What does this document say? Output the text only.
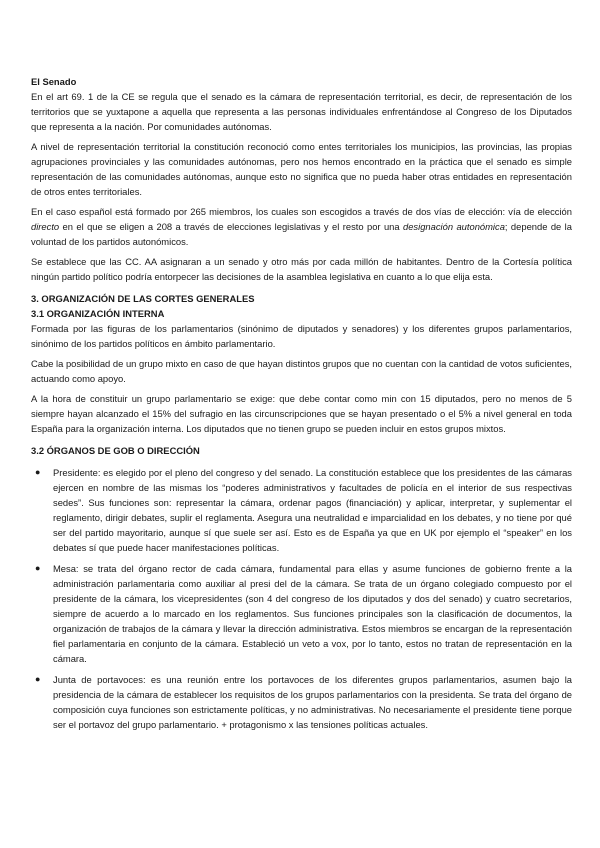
El Senado

En el art 69. 1 de la CE se regula que el senado es la cámara de representación territorial, es decir, de representación de los territorios que se yuxtapone a aquella que representa a las personas individuales enfrentándose al Congreso de los Diputados que representa a la nación. Por comunidades autónomas.

A nivel de representación territorial la constitución reconoció como entes territoriales los municipios, las provincias, las propias agrupaciones provinciales y las comunidades autónomas, pero nos hemos encontrado en la práctica que el senado es simple representación de las comunidades autónomas, aunque esto no significa que no pueda haber otras entidades en representación de otros entes territoriales.

En el caso español está formado por 265 miembros, los cuales son escogidos a través de dos vías de elección: vía de elección directo en el que se eligen a 208 a través de elecciones legislativas y el resto por una designación autonómica; depende de la voluntad de los partidos autonómicos.

Se establece que las CC. AA asignaran a un senado y otro más por cada millón de habitantes. Dentro de la Cortesía política ningún partido político podría entorpecer las decisiones de la asamblea legislativa en cuanto a lo que elija esta.

3. ORGANIZACIÓN DE LAS CORTES GENERALES
3.1 ORGANIZACIÓN INTERNA

Formada por las figuras de los parlamentarios (sinónimo de diputados y senadores) y los diferentes grupos parlamentarios, sinónimo de los partidos políticos en ámbito parlamentario.

Cabe la posibilidad de un grupo mixto en caso de que hayan distintos grupos que no cuentan con la cantidad de votos suficientes, actuando como apoyo.

A la hora de constituir un grupo parlamentario se exige: que debe contar como min con 15 diputados, pero no menos de 5 siempre hayan alcanzado el 15% del sufragio en las circunscripciones que se hayan presentado o el 5% a nivel general en toda España para la organización interna. Los diputados que no tienen grupo se pueden incluir en estos grupos mixtos.

3.2 ÓRGANOS DE GOB O DIRECCIÓN
● Presidente: es elegido por el pleno del congreso y del senado. La constitución establece que los presidentes de las cámaras ejercen en nombre de las mismas los “poderes administrativos y facultades de policía en el interior de sus respectivas sedes”. Sus funciones son: representar la cámara, ordenar pagos (financiación) y aplicar, interpretar, y suplementar el reglamento, dirigir debates, suplir el reglamenta. Asegura una neutralidad e imparcialidad en los debates, y no tiene por qué ser del partido mayoritario, aunque sí que suele ser así. Esto es de España ya que en UK por ejemplo el “speaker” en los debates sí que puede hacer manifestaciones políticas.
● Mesa: se trata del órgano rector de cada cámara, fundamental para ellas y asume funciones de gobierno frente a la administración parlamentaria como auxiliar al presi del de la cámara. Se trata de un órgano colegiado compuesto por el presidente de la cámara, los vicepresidentes (son 4 del congreso de los diputados y dos del senado) y cuatro secretarios, siempre de acuerdo a lo marcado en los reglamentos. Sus funciones principales son la clasificación de documentos, la organización de trabajos de la cámara y llevar la dirección administrativa. Estos miembros se encargan de la representación fiel parlamentaria en conjunto de la cámara. Estableció un veto a vox, por lo tanto, estos no tratan de representación en la cámara.
● Junta de portavoces: es una reunión entre los portavoces de los diferentes grupos parlamentarios, asumen bajo la presidencia de la cámara de establecer los requisitos de los grupos parlamentarios con la presidenta. Se trata del órgano de composición cuya funciones son estrictamente políticas, y no administrativas. No necesariamente el presidente tiene porque ser el portavoz del grupo parlamentario. + protagonismo x las tensiones políticas actuales.
